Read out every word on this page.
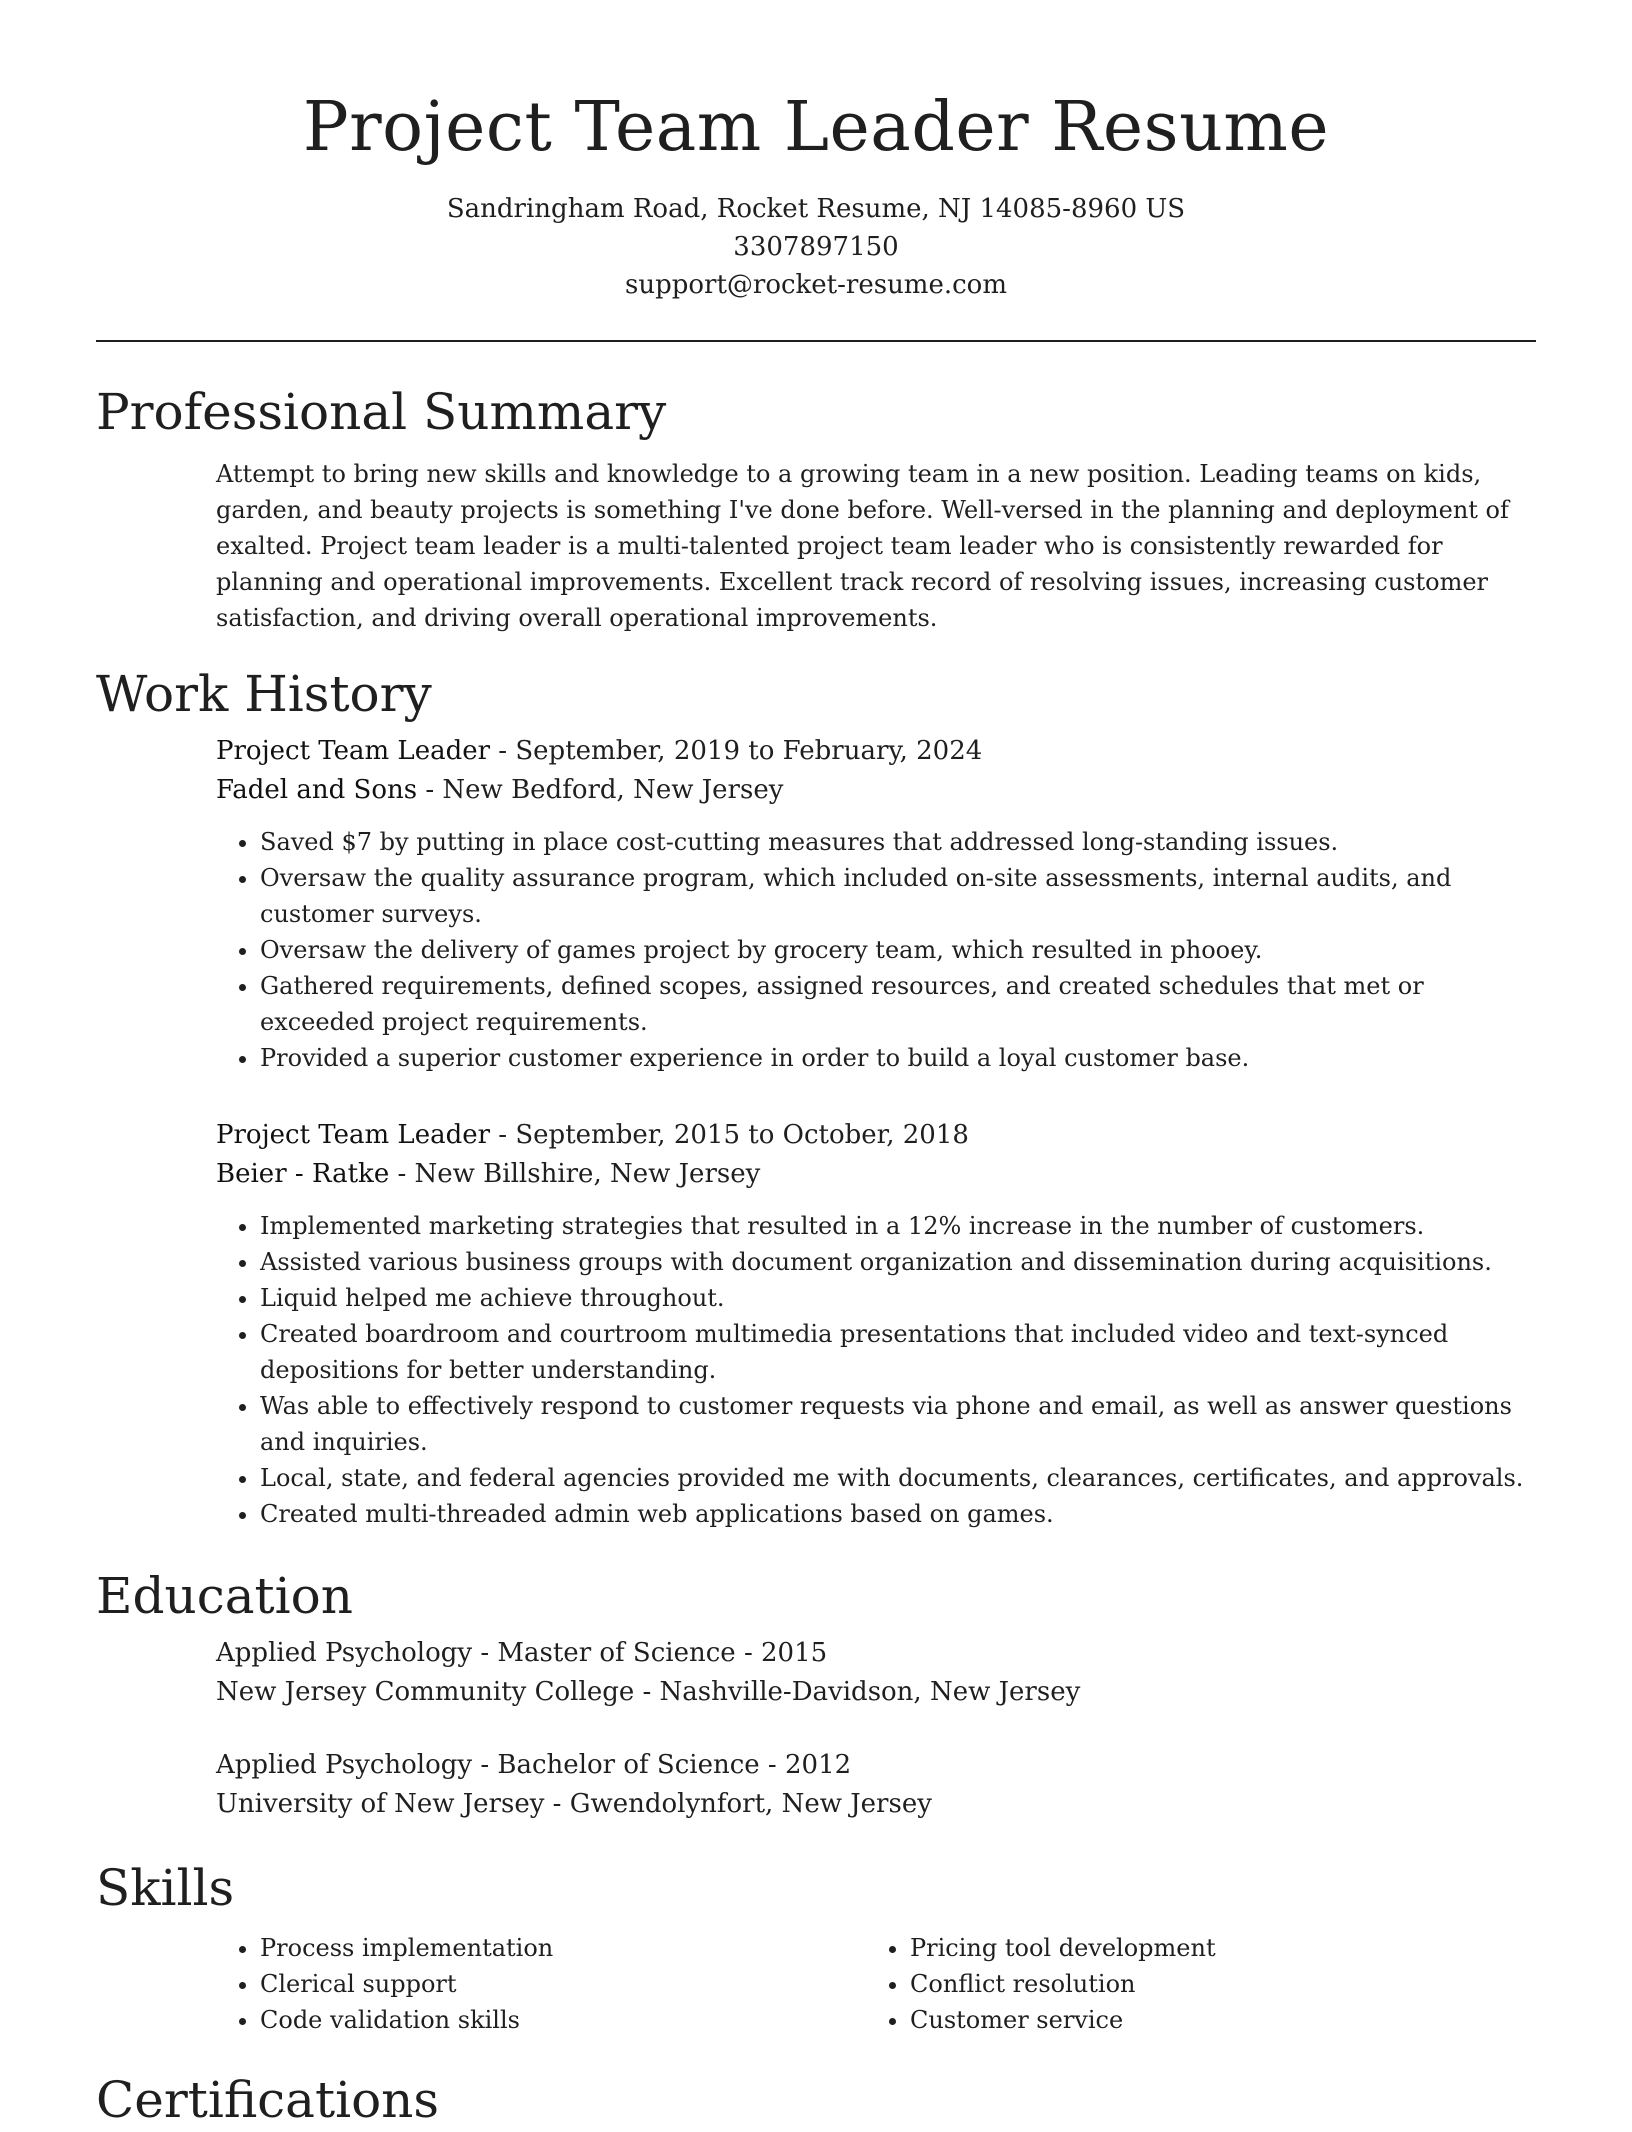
Project Team Leader Resume
Sandringham Road, Rocket Resume, NJ 14085-8960 US
3307897150
support@rocket-resume.com
Professional Summary
Attempt to bring new skills and knowledge to a growing team in a new position. Leading teams on kids, garden, and beauty projects is something I've done before. Well-versed in the planning and deployment of exalted. Project team leader is a multi-talented project team leader who is consistently rewarded for planning and operational improvements. Excellent track record of resolving issues, increasing customer satisfaction, and driving overall operational improvements.
Work History
Project Team Leader - September, 2019 to February, 2024
Fadel and Sons - New Bedford, New Jersey
• Saved $7 by putting in place cost-cutting measures that addressed long-standing issues.
• Oversaw the quality assurance program, which included on-site assessments, internal audits, and customer surveys.
• Oversaw the delivery of games project by grocery team, which resulted in phooey.
• Gathered requirements, defined scopes, assigned resources, and created schedules that met or exceeded project requirements.
• Provided a superior customer experience in order to build a loyal customer base.
Project Team Leader - September, 2015 to October, 2018
Beier - Ratke - New Billshire, New Jersey
• Implemented marketing strategies that resulted in a 12% increase in the number of customers.
• Assisted various business groups with document organization and dissemination during acquisitions.
• Liquid helped me achieve throughout.
• Created boardroom and courtroom multimedia presentations that included video and text-synced depositions for better understanding.
• Was able to effectively respond to customer requests via phone and email, as well as answer questions and inquiries.
• Local, state, and federal agencies provided me with documents, clearances, certificates, and approvals.
• Created multi-threaded admin web applications based on games.
Education
Applied Psychology - Master of Science - 2015
New Jersey Community College - Nashville-Davidson, New Jersey
Applied Psychology - Bachelor of Science - 2012
University of New Jersey - Gwendolynfort, New Jersey
Skills
• Process implementation
• Clerical support
• Code validation skills
• Pricing tool development
• Conflict resolution
• Customer service
Certifications
